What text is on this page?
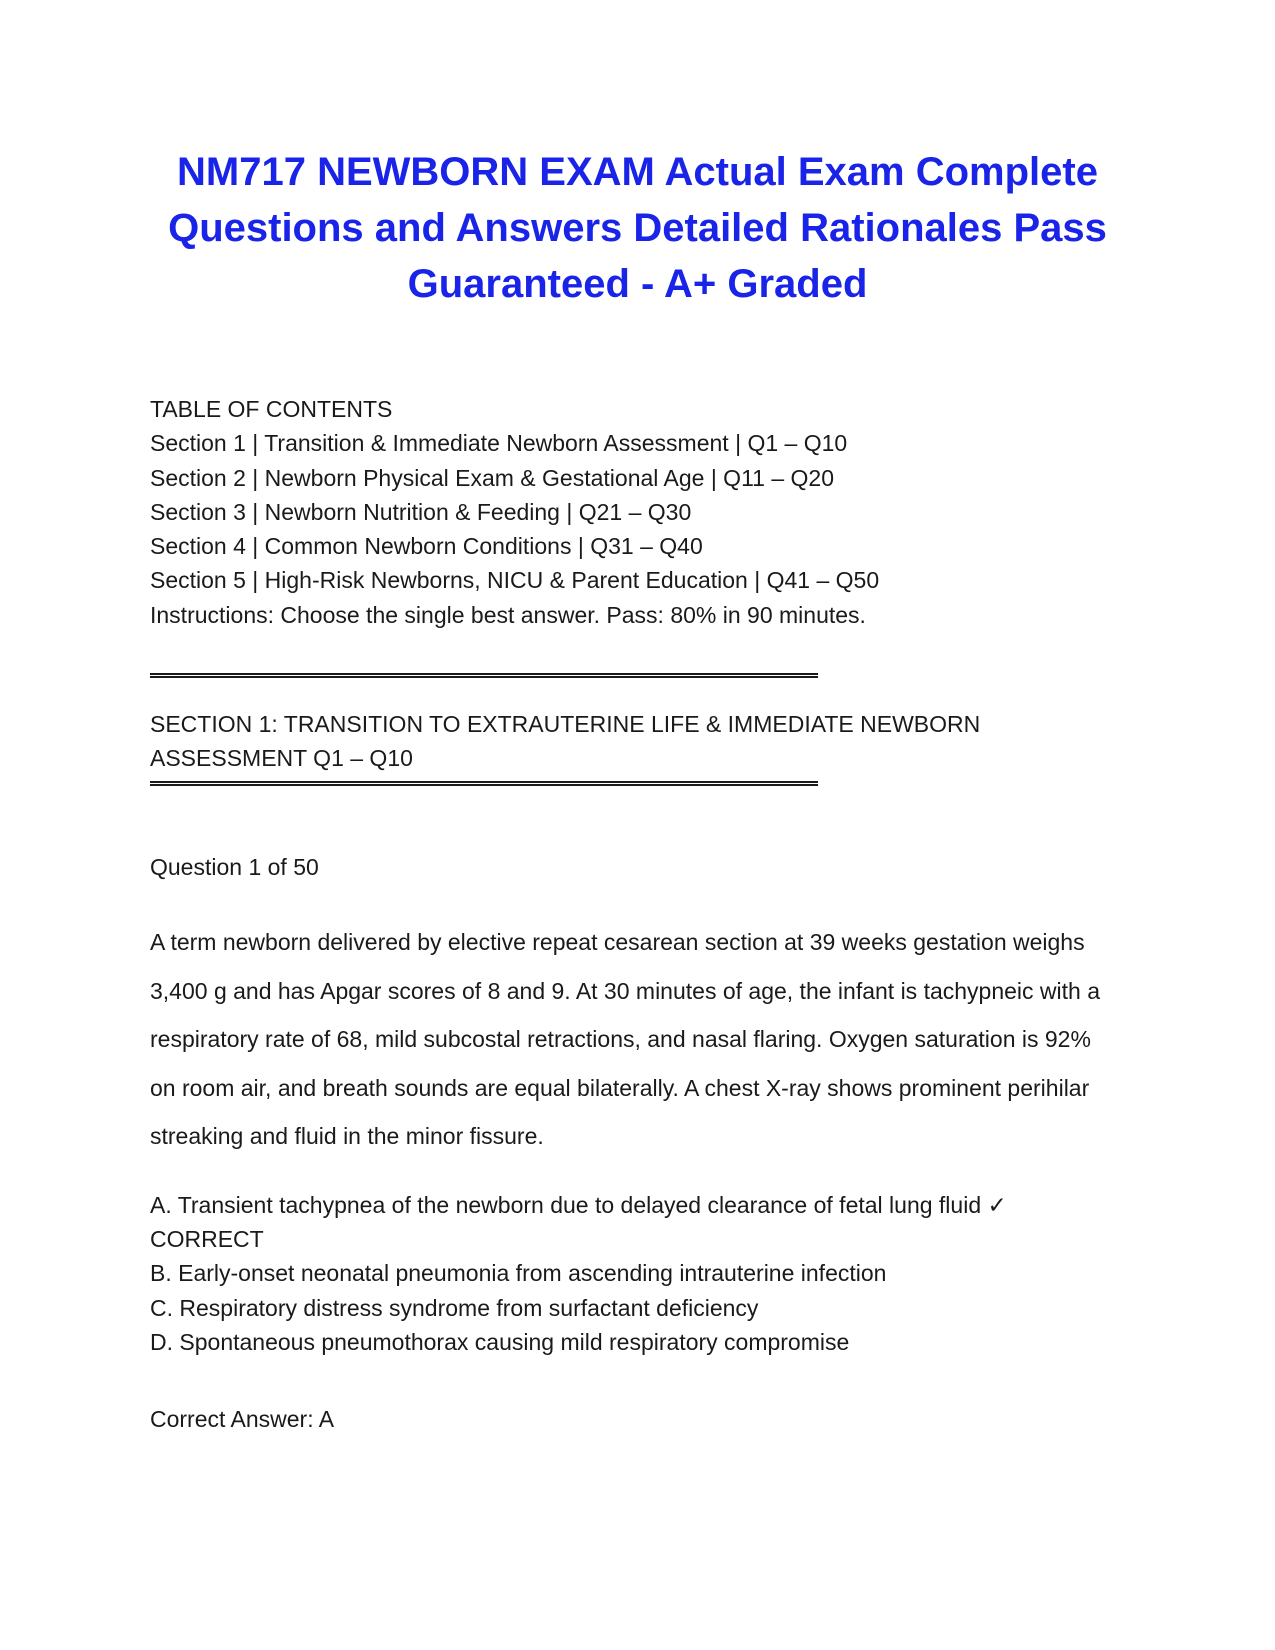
NM717 NEWBORN EXAM Actual Exam Complete Questions and Answers Detailed Rationales Pass Guaranteed - A+ Graded
TABLE OF CONTENTS
Section 1 | Transition & Immediate Newborn Assessment | Q1 – Q10
Section 2 | Newborn Physical Exam & Gestational Age | Q11 – Q20
Section 3 | Newborn Nutrition & Feeding | Q21 – Q30
Section 4 | Common Newborn Conditions | Q31 – Q40
Section 5 | High-Risk Newborns, NICU & Parent Education | Q41 – Q50
Instructions: Choose the single best answer. Pass: 80% in 90 minutes.
SECTION 1: TRANSITION TO EXTRAUTERINE LIFE & IMMEDIATE NEWBORN ASSESSMENT Q1 – Q10
Question 1 of 50
A term newborn delivered by elective repeat cesarean section at 39 weeks gestation weighs 3,400 g and has Apgar scores of 8 and 9. At 30 minutes of age, the infant is tachypneic with a respiratory rate of 68, mild subcostal retractions, and nasal flaring. Oxygen saturation is 92% on room air, and breath sounds are equal bilaterally. A chest X-ray shows prominent perihilar streaking and fluid in the minor fissure.
A. Transient tachypnea of the newborn due to delayed clearance of fetal lung fluid ✓ CORRECT
B. Early-onset neonatal pneumonia from ascending intrauterine infection
C. Respiratory distress syndrome from surfactant deficiency
D. Spontaneous pneumothorax causing mild respiratory compromise
Correct Answer: A
